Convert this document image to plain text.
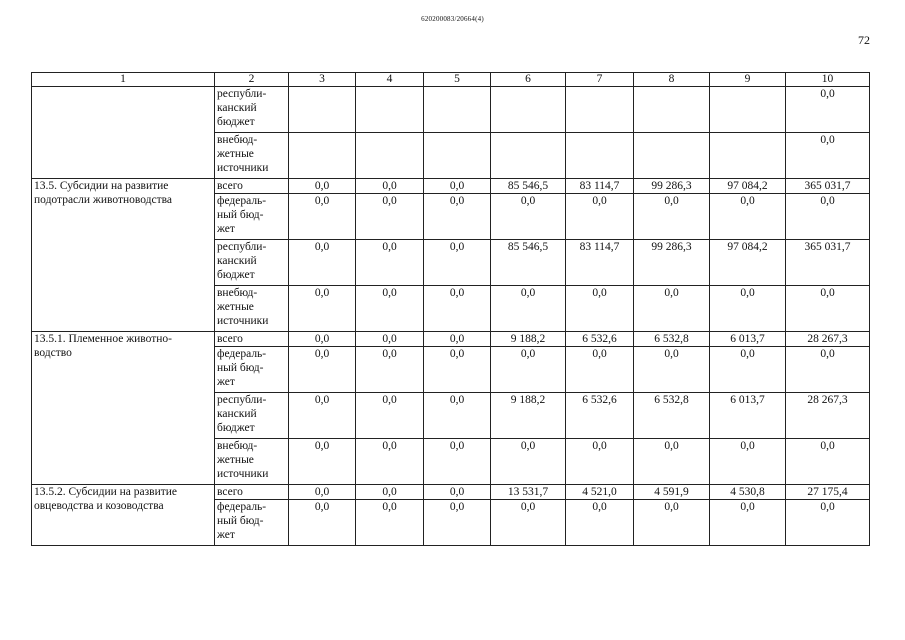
620200083/20664(4)
72
1	2	3	4	5	6	7	8	9	10
	республи-
канский
бюджет								0,0
	внебюд-
жетные
источники								0,0
13.5. Субсидии на развитие
подотрасли животноводства	всего	0,0	0,0	0,0	85 546,5	83 114,7	99 286,3	97 084,2	365 031,7
	федераль-
ный бюд-
жет	0,0	0,0	0,0	0,0	0,0	0,0	0,0	0,0
	республи-
канский
бюджет	0,0	0,0	0,0	85 546,5	83 114,7	99 286,3	97 084,2	365 031,7
	внебюд-
жетные
источники	0,0	0,0	0,0	0,0	0,0	0,0	0,0	0,0
13.5.1. Племенное животно-
водство	всего	0,0	0,0	0,0	9 188,2	6 532,6	6 532,8	6 013,7	28 267,3
	федераль-
ный бюд-
жет	0,0	0,0	0,0	0,0	0,0	0,0	0,0	0,0
	республи-
канский
бюджет	0,0	0,0	0,0	9 188,2	6 532,6	6 532,8	6 013,7	28 267,3
	внебюд-
жетные
источники	0,0	0,0	0,0	0,0	0,0	0,0	0,0	0,0
13.5.2. Субсидии на развитие
овцеводства и козоводства	всего	0,0	0,0	0,0	13 531,7	4 521,0	4 591,9	4 530,8	27 175,4
	федераль-
ный бюд-
жет	0,0	0,0	0,0	0,0	0,0	0,0	0,0	0,0
